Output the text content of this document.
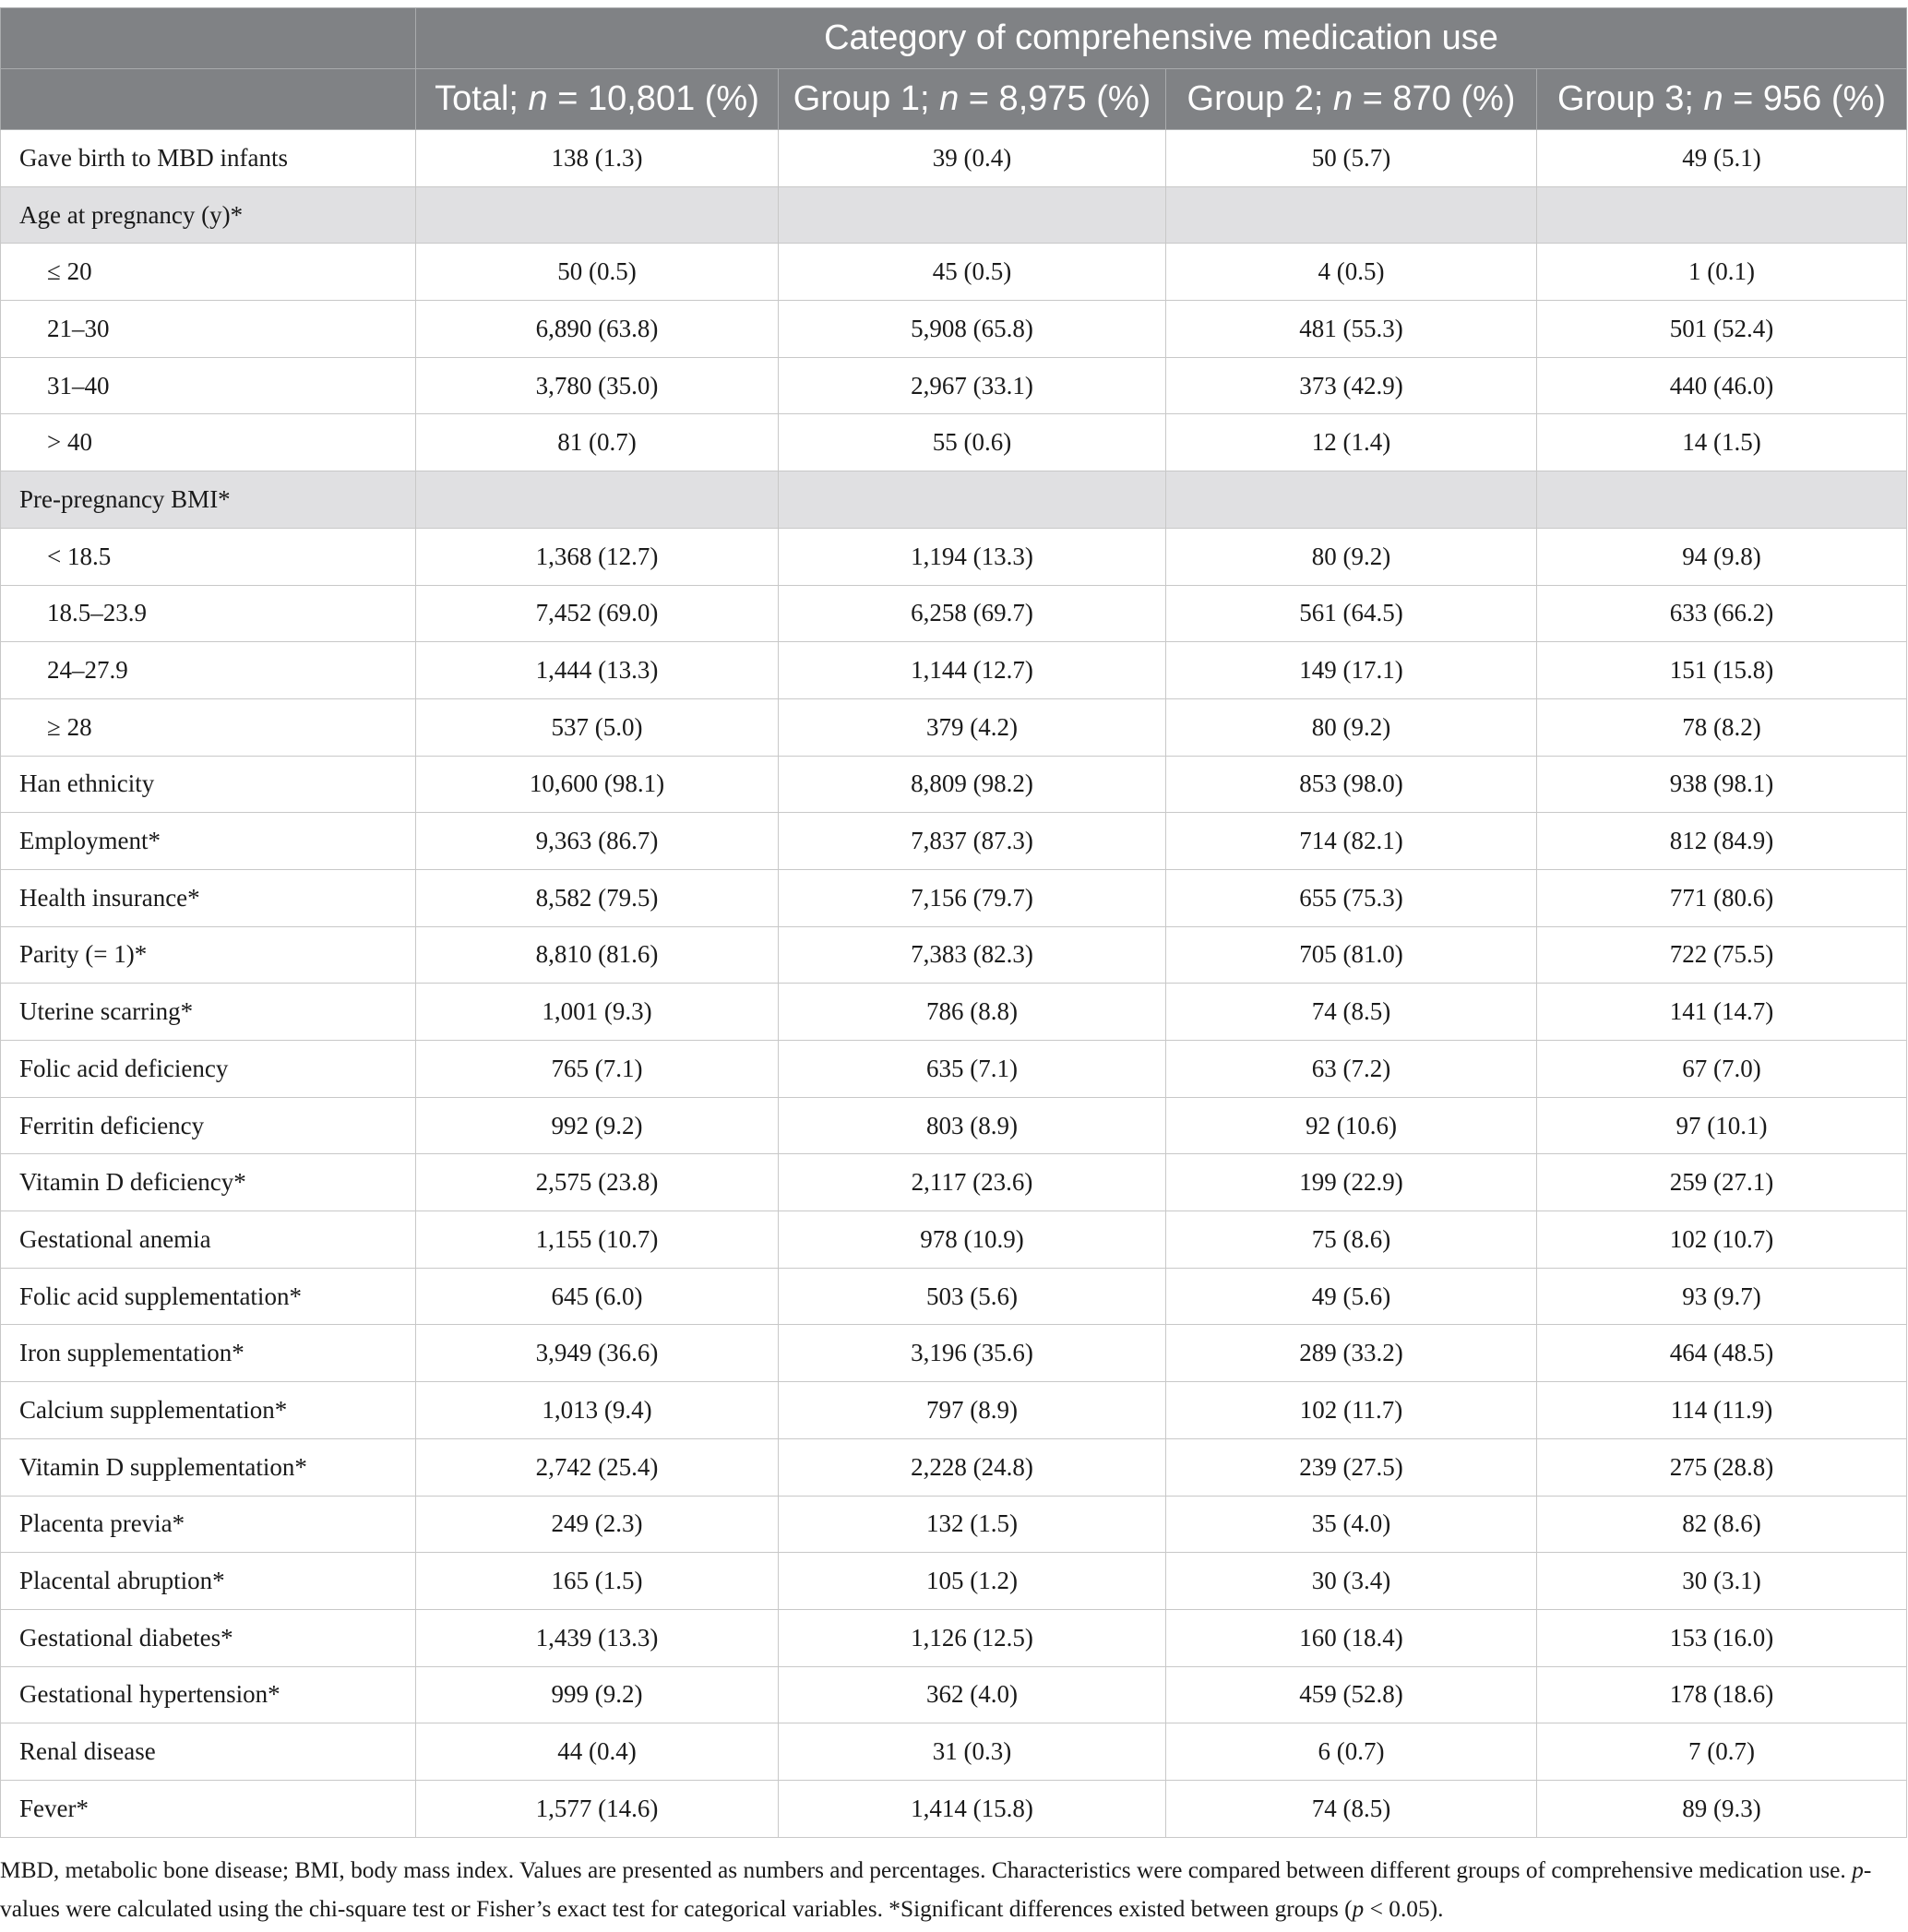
	Category of comprehensive medication use			
	Total; n = 10,801 (%)	Group 1; n = 8,975 (%)	Group 2; n = 870 (%)	Group 3; n = 956 (%)
Gave birth to MBD infants	138 (1.3)	39 (0.4)	50 (5.7)	49 (5.1)
Age at pregnancy (y)*				
≤ 20	50 (0.5)	45 (0.5)	4 (0.5)	1 (0.1)
21–30	6,890 (63.8)	5,908 (65.8)	481 (55.3)	501 (52.4)
31–40	3,780 (35.0)	2,967 (33.1)	373 (42.9)	440 (46.0)
> 40	81 (0.7)	55 (0.6)	12 (1.4)	14 (1.5)
Pre-pregnancy BMI*				
< 18.5	1,368 (12.7)	1,194 (13.3)	80 (9.2)	94 (9.8)
18.5–23.9	7,452 (69.0)	6,258 (69.7)	561 (64.5)	633 (66.2)
24–27.9	1,444 (13.3)	1,144 (12.7)	149 (17.1)	151 (15.8)
≥ 28	537 (5.0)	379 (4.2)	80 (9.2)	78 (8.2)
Han ethnicity	10,600 (98.1)	8,809 (98.2)	853 (98.0)	938 (98.1)
Employment*	9,363 (86.7)	7,837 (87.3)	714 (82.1)	812 (84.9)
Health insurance*	8,582 (79.5)	7,156 (79.7)	655 (75.3)	771 (80.6)
Parity (= 1)*	8,810 (81.6)	7,383 (82.3)	705 (81.0)	722 (75.5)
Uterine scarring*	1,001 (9.3)	786 (8.8)	74 (8.5)	141 (14.7)
Folic acid deficiency	765 (7.1)	635 (7.1)	63 (7.2)	67 (7.0)
Ferritin deficiency	992 (9.2)	803 (8.9)	92 (10.6)	97 (10.1)
Vitamin D deficiency*	2,575 (23.8)	2,117 (23.6)	199 (22.9)	259 (27.1)
Gestational anemia	1,155 (10.7)	978 (10.9)	75 (8.6)	102 (10.7)
Folic acid supplementation*	645 (6.0)	503 (5.6)	49 (5.6)	93 (9.7)
Iron supplementation*	3,949 (36.6)	3,196 (35.6)	289 (33.2)	464 (48.5)
Calcium supplementation*	1,013 (9.4)	797 (8.9)	102 (11.7)	114 (11.9)
Vitamin D supplementation*	2,742 (25.4)	2,228 (24.8)	239 (27.5)	275 (28.8)
Placenta previa*	249 (2.3)	132 (1.5)	35 (4.0)	82 (8.6)
Placental abruption*	165 (1.5)	105 (1.2)	30 (3.4)	30 (3.1)
Gestational diabetes*	1,439 (13.3)	1,126 (12.5)	160 (18.4)	153 (16.0)
Gestational hypertension*	999 (9.2)	362 (4.0)	459 (52.8)	178 (18.6)
Renal disease	44 (0.4)	31 (0.3)	6 (0.7)	7 (0.7)
Fever*	1,577 (14.6)	1,414 (15.8)	74 (8.5)	89 (9.3)
MBD, metabolic bone disease; BMI, body mass index. Values are presented as numbers and percentages. Characteristics were compared between different groups of comprehensive medication use. p-values were calculated using the chi-square test or Fisher’s exact test for categorical variables. *Significant differences existed between groups (p < 0.05).
